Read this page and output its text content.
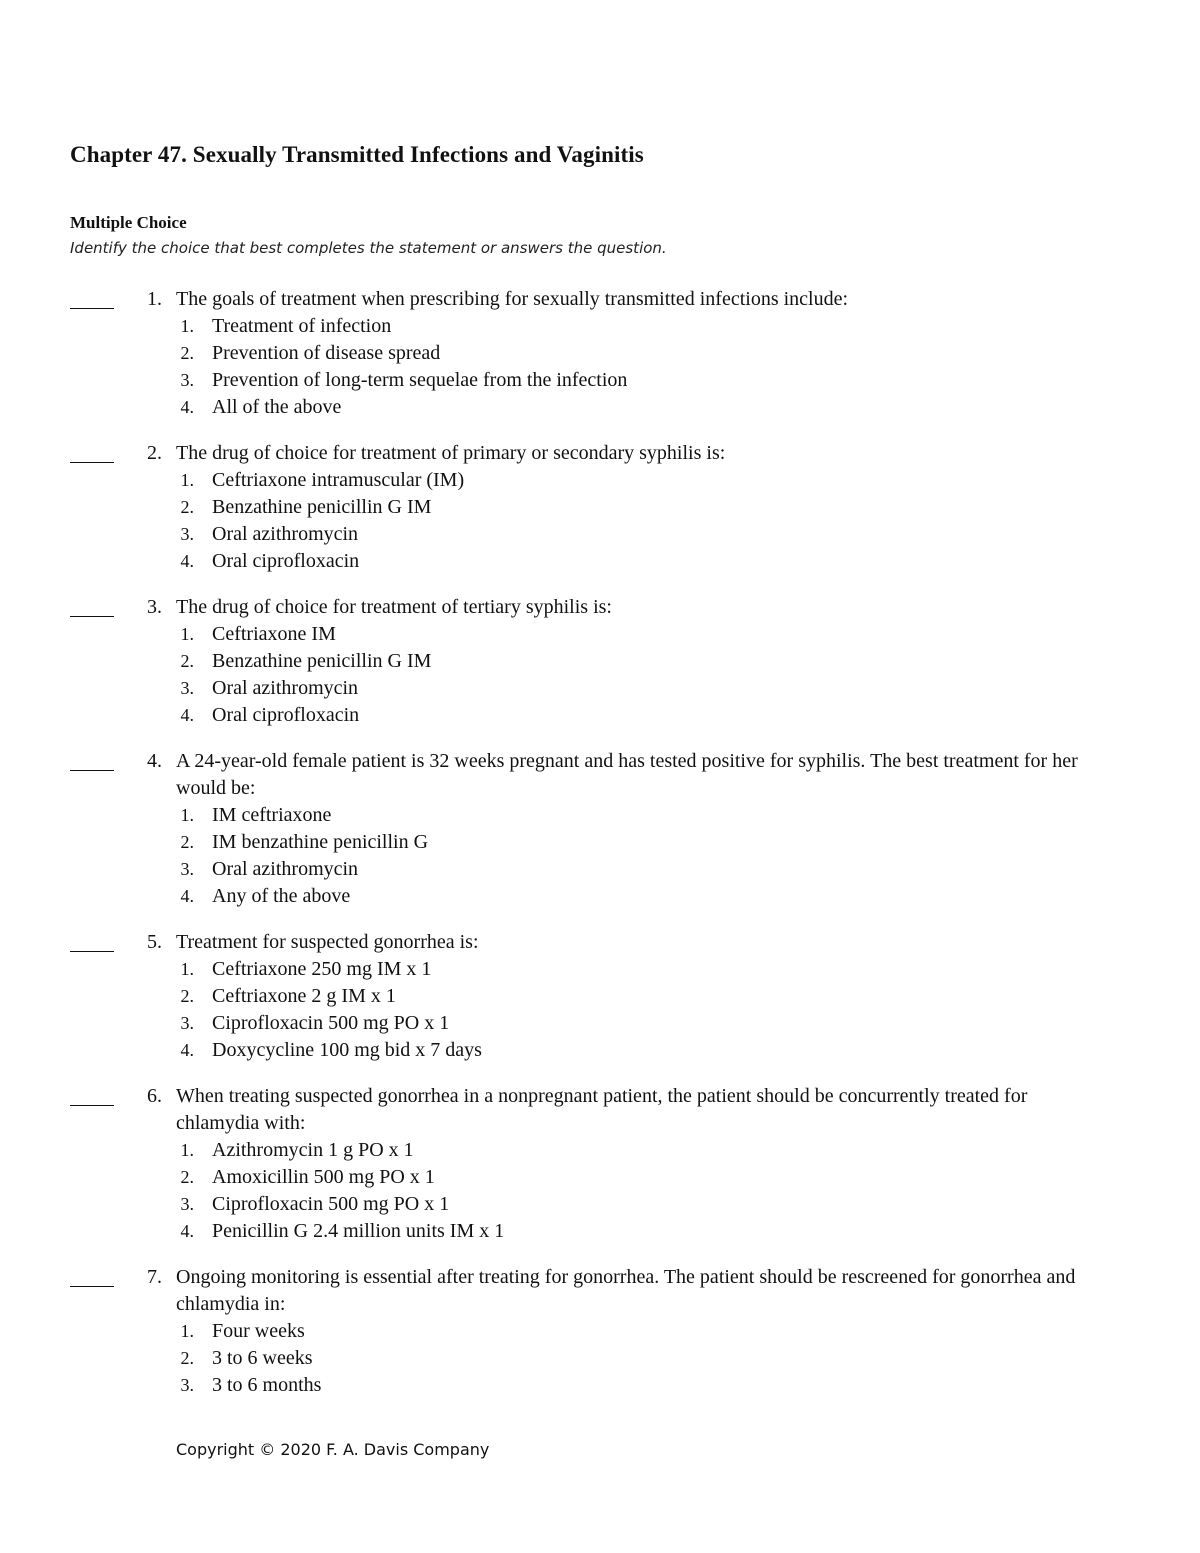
Chapter 47. Sexually Transmitted Infections and Vaginitis
Multiple Choice

Identify the choice that best completes the statement or answers the question.

1. The goals of treatment when prescribing for sexually transmitted infections include:
1. Treatment of infection
2. Prevention of disease spread
3. Prevention of long-term sequelae from the infection
4. All of the above
2. The drug of choice for treatment of primary or secondary syphilis is:
1. Ceftriaxone intramuscular (IM)
2. Benzathine penicillin G IM
3. Oral azithromycin
4. Oral ciprofloxacin
3. The drug of choice for treatment of tertiary syphilis is:
1. Ceftriaxone IM
2. Benzathine penicillin G IM
3. Oral azithromycin
4. Oral ciprofloxacin
4. A 24-year-old female patient is 32 weeks pregnant and has tested positive for syphilis. The best treatment for her would be:
1. IM ceftriaxone
2. IM benzathine penicillin G
3. Oral azithromycin
4. Any of the above
5. Treatment for suspected gonorrhea is:
1. Ceftriaxone 250 mg IM x 1
2. Ceftriaxone 2 g IM x 1
3. Ciprofloxacin 500 mg PO x 1
4. Doxycycline 100 mg bid x 7 days
6. When treating suspected gonorrhea in a nonpregnant patient, the patient should be concurrently treated for chlamydia with:
1. Azithromycin 1 g PO x 1
2. Amoxicillin 500 mg PO x 1
3. Ciprofloxacin 500 mg PO x 1
4. Penicillin G 2.4 million units IM x 1
7. Ongoing monitoring is essential after treating for gonorrhea. The patient should be rescreened for gonorrhea and chlamydia in:
1. Four weeks
2. 3 to 6 weeks
3. 3 to 6 months

Copyright © 2020 F. A. Davis Company
